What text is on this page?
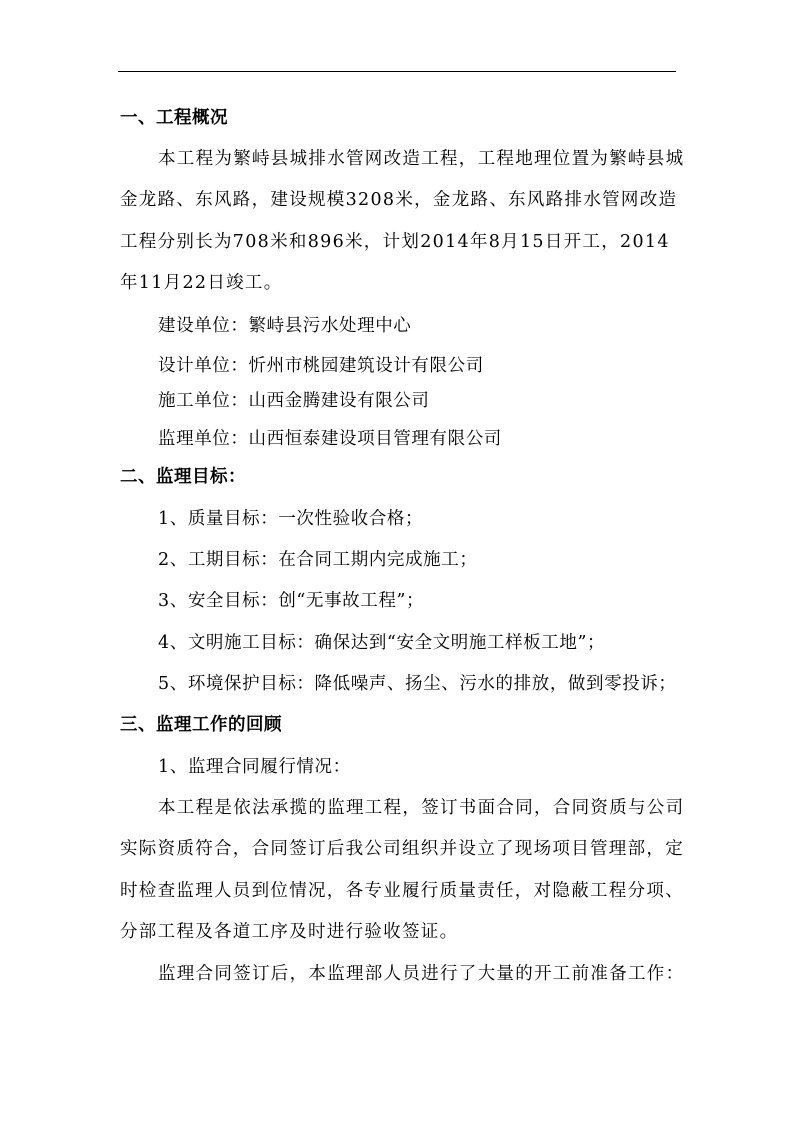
一、工程概况
本工程为繁峙县城排水管网改造工程，工程地理位置为繁峙县城
金龙路、东风路，建设规模3208米，金龙路、东风路排水管网改造
工程分别长为708米和896米，计划2014年8月15日开工，2014
年11月22日竣工。
建设单位：繁峙县污水处理中心
设计单位：忻州市桃园建筑设计有限公司
施工单位：山西金腾建设有限公司
监理单位：山西恒泰建设项目管理有限公司
二、监理目标：
1、质量目标：一次性验收合格；
2、工期目标：在合同工期内完成施工；
3、安全目标：创“无事故工程”；
4、文明施工目标：确保达到“安全文明施工样板工地”；
5、环境保护目标：降低噪声、扬尘、污水的排放，做到零投诉；
三、监理工作的回顾
1、监理合同履行情况：
本工程是依法承揽的监理工程，签订书面合同，合同资质与公司
实际资质符合，合同签订后我公司组织并设立了现场项目管理部，定
时检查监理人员到位情况，各专业履行质量责任，对隐蔽工程分项、
分部工程及各道工序及时进行验收签证。
监理合同签订后，本监理部人员进行了大量的开工前准备工作：
